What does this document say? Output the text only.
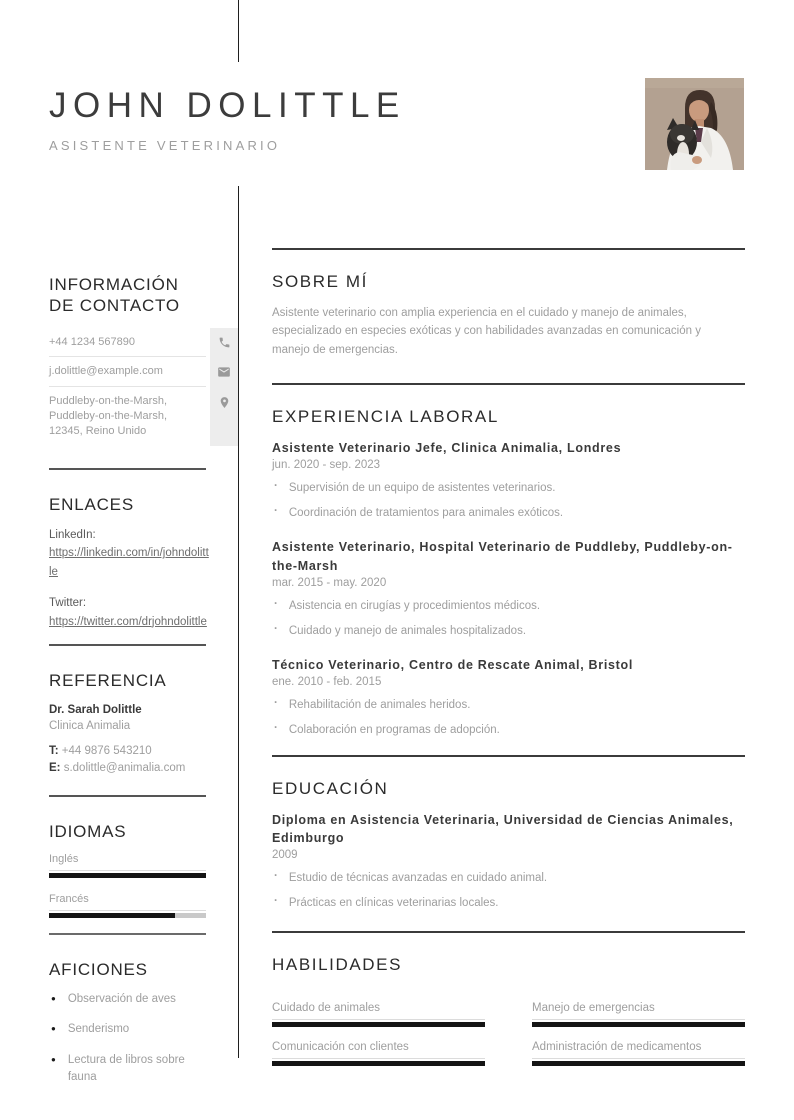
JOHN DOLITTLE
ASISTENTE VETERINARIO
INFORMACIÓN DE CONTACTO
+44 1234 567890
j.dolittle@example.com
Puddleby-on-the-Marsh,
Puddleby-on-the-Marsh,
12345, Reino Unido
ENLACES
LinkedIn:
https://linkedin.com/in/johndolittle
Twitter:
https://twitter.com/drjohndolittle
REFERENCIA
Dr. Sarah Dolittle
Clinica Animalia
T: +44 9876 543210
E: s.dolittle@animalia.com
IDIOMAS
Inglés
Francés
AFICIONES
● Observación de aves
● Senderismo
● Lectura de libros sobre fauna
SOBRE MÍ
Asistente veterinario con amplia experiencia en el cuidado y manejo de animales, especializado en especies exóticas y con habilidades avanzadas en comunicación y manejo de emergencias.
EXPERIENCIA LABORAL
Asistente Veterinario Jefe, Clinica Animalia, Londres
jun. 2020 - sep. 2023
· Supervisión de un equipo de asistentes veterinarios.
· Coordinación de tratamientos para animales exóticos.
Asistente Veterinario, Hospital Veterinario de Puddleby, Puddleby-on-the-Marsh
mar. 2015 - may. 2020
· Asistencia en cirugías y procedimientos médicos.
· Cuidado y manejo de animales hospitalizados.
Técnico Veterinario, Centro de Rescate Animal, Bristol
ene. 2010 - feb. 2015
· Rehabilitación de animales heridos.
· Colaboración en programas de adopción.
EDUCACIÓN
Diploma en Asistencia Veterinaria, Universidad de Ciencias Animales, Edimburgo
2009
· Estudio de técnicas avanzadas en cuidado animal.
· Prácticas en clínicas veterinarias locales.
HABILIDADES
Cuidado de animales	Manejo de emergencias
Comunicación con clientes	Administración de medicamentos
